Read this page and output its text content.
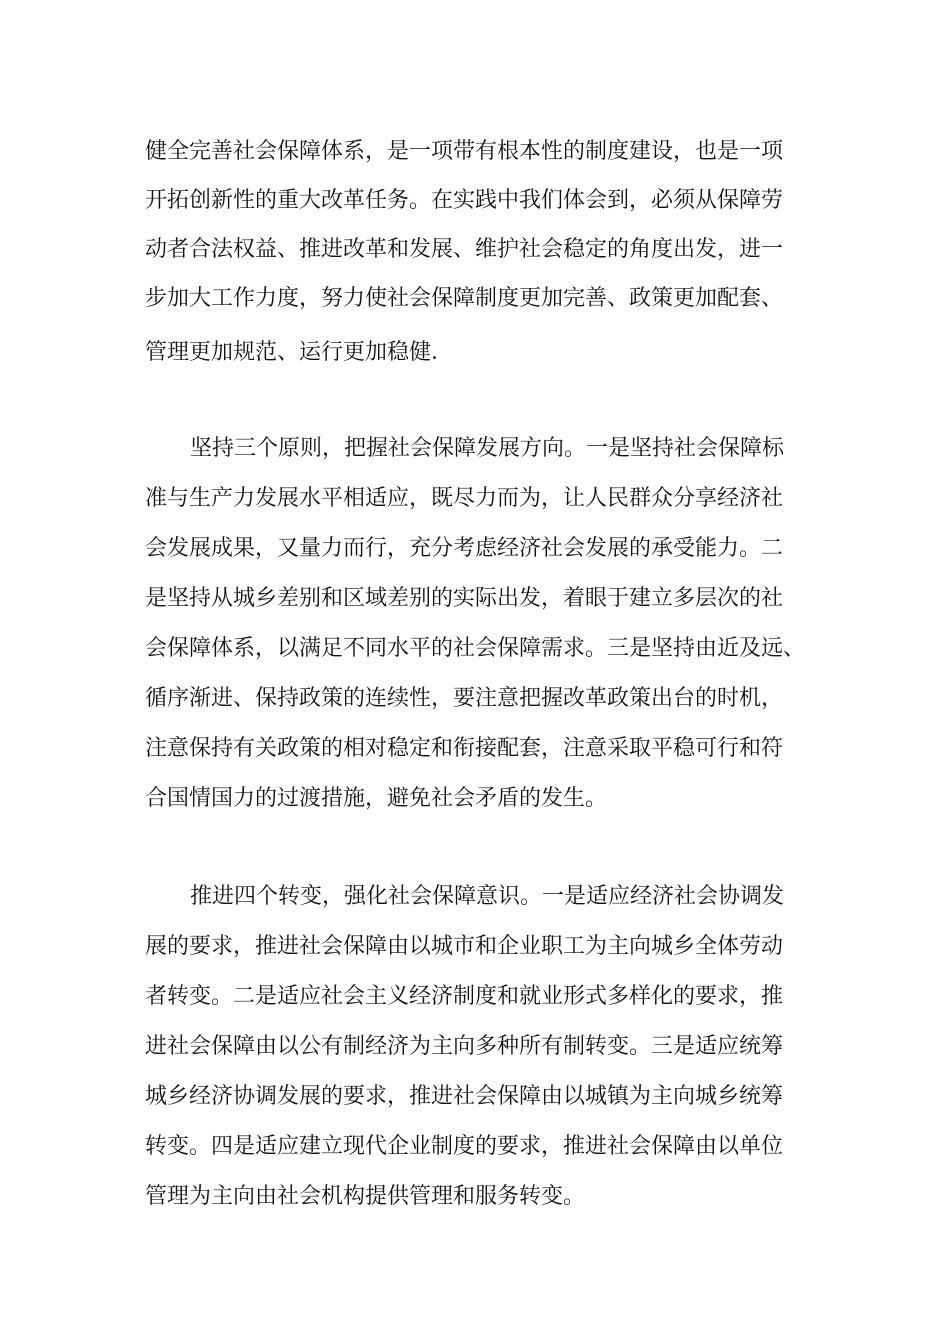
健全完善社会保障体系，是一项带有根本性的制度建设，也是一项
开拓创新性的重大改革任务。在实践中我们体会到，必须从保障劳
动者合法权益、推进改革和发展、维护社会稳定的角度出发，进一
步加大工作力度，努力使社会保障制度更加完善、政策更加配套、
管理更加规范、运行更加稳健.
坚持三个原则，把握社会保障发展方向。一是坚持社会保障标
准与生产力发展水平相适应，既尽力而为，让人民群众分享经济社
会发展成果，又量力而行，充分考虑经济社会发展的承受能力。二
是坚持从城乡差别和区域差别的实际出发，着眼于建立多层次的社
会保障体系，以满足不同水平的社会保障需求。三是坚持由近及远、
循序渐进、保持政策的连续性，要注意把握改革政策出台的时机，
注意保持有关政策的相对稳定和衔接配套，注意采取平稳可行和符
合国情国力的过渡措施，避免社会矛盾的发生。
推进四个转变，强化社会保障意识。一是适应经济社会协调发
展的要求，推进社会保障由以城市和企业职工为主向城乡全体劳动
者转变。二是适应社会主义经济制度和就业形式多样化的要求，推
进社会保障由以公有制经济为主向多种所有制转变。三是适应统筹
城乡经济协调发展的要求，推进社会保障由以城镇为主向城乡统筹
转变。四是适应建立现代企业制度的要求，推进社会保障由以单位
管理为主向由社会机构提供管理和服务转变。
